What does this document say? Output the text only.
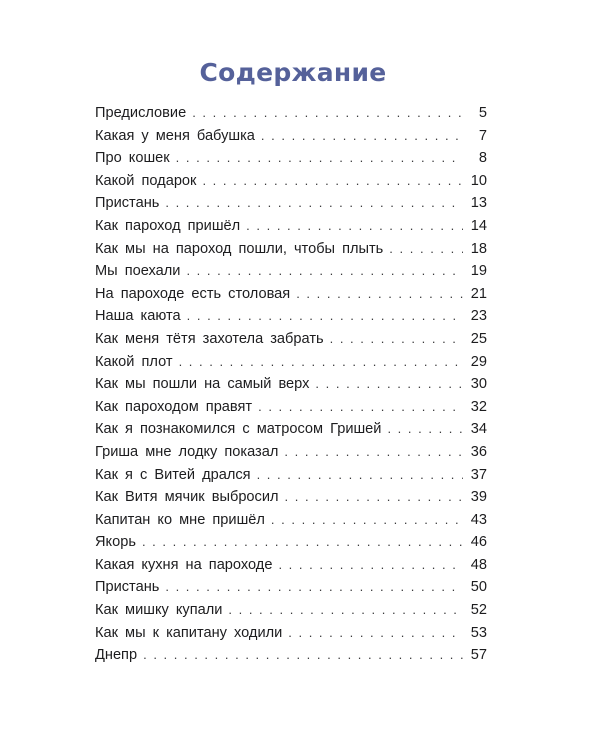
Содержание
Предисловие . . .	5
Какая у меня бабушка . . .	7
Про кошек . . .	8
Какой подарок . . .	10
Пристань . . .	13
Как пароход пришёл . . .	14
Как мы на пароход пошли, чтобы плыть . . .	18
Мы поехали . . .	19
На пароходе есть столовая . . .	21
Наша каюта . . .	23
Как меня тётя захотела забрать . . .	25
Какой плот . . .	29
Как мы пошли на самый верх . . .	30
Как пароходом правят . . .	32
Как я познакомился с матросом Гришей . . .	34
Гриша мне лодку показал . . .	36
Как я с Витей дрался . . .	37
Как Витя мячик выбросил . . .	39
Капитан ко мне пришёл . . .	43
Якорь . . .	46
Какая кухня на пароходе . . .	48
Пристань . . .	50
Как мишку купали . . .	52
Как мы к капитану ходили . . .	53
Днепр . . .	57
